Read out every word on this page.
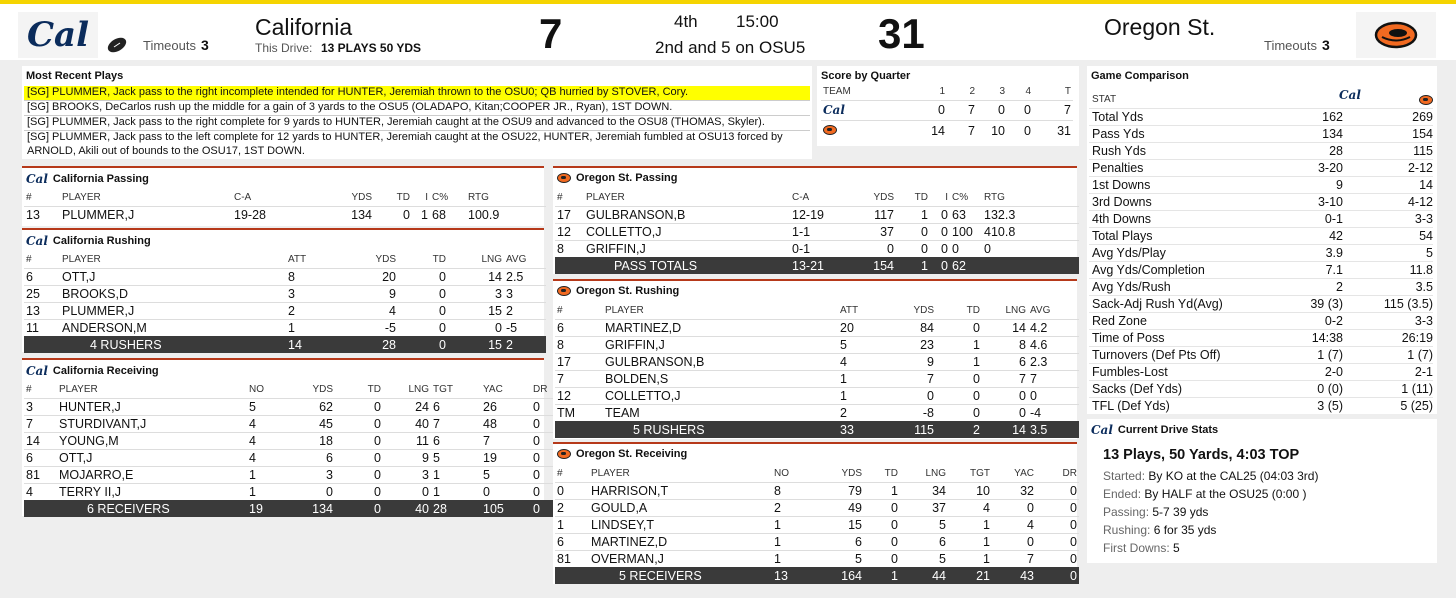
Cal	Timeouts 3
California
This Drive: 13 PLAYS 50 YDS	7	4th 15:00
2nd and 5 on OSU5 31	Oregon St.
Timeouts 3
Most Recent Plays
[SG] PLUMMER, Jack pass to the right incomplete intended for HUNTER, Jeremiah thrown to the OSU0; QB hurried by STOVER, Cory.
[SG] BROOKS, DeCarlos rush up the middle for a gain of 3 yards to the OSU5 (OLADAPO, Kitan;COOPER JR., Ryan), 1ST DOWN.
[SG] PLUMMER, Jack pass to the right complete for 9 yards to HUNTER, Jeremiah caught at the OSU9 and advanced to the OSU8 (THOMAS, Skyler).
[SG] PLUMMER, Jack pass to the left complete for 12 yards to HUNTER, Jeremiah caught at the OSU22, HUNTER, Jeremiah fumbled at OSU13 forced by ARNOLD, Akili out of bounds to the OSU17, 1ST DOWN.
Score by Quarter
TEAM	1	2	3	4	T
Cal	0	7	0	0	7
	14	7	10	0	31
Game Comparison
STAT	Cal
Total Yds	162	269
Pass Yds	134	154
Rush Yds	28	115
Penalties	3-20	2-12
1st Downs	9	14
3rd Downs	3-10	4-12
4th Downs	0-1	3-3
Total Plays	42	54
Avg Yds/Play	3.9	5
Avg Yds/Completion	7.1	11.8
Avg Yds/Rush	2	3.5
Sack-Adj Rush Yd(Avg)	39 (3)	115 (3.5)
Red Zone	0-2	3-3
Time of Poss	14:38	26:19
Turnovers (Def Pts Off)	1 (7)	1 (7)
Fumbles-Lost	2-0	2-1
Sacks (Def Yds)	0 (0)	1 (11)
TFL (Def Yds)	3 (5)	5 (25)
Cal Current Drive Stats
13 Plays, 50 Yards, 4:03 TOP
Started: By KO at the CAL25 (04:03 3rd)
Ended: By HALF at the OSU25 (0:00 )
Passing: 5-7 39 yds
Rushing: 6 for 35 yds
First Downs: 5
Cal California Passing
#	PLAYER	C-A	YDS	TD	I	C%	RTG
13	PLUMMER,J	19-28	134	0	1	68	100.9
Cal California Rushing
#	PLAYER	ATT	YDS	TD	LNG	AVG
6	OTT,J	8	20	0	14	2.5
25	BROOKS,D	3	9	0	3	3
13	PLUMMER,J	2	4	0	15	2
11	ANDERSON,M	1	-5	0	0	-5
	4 RUSHERS	14	28	0	15	2
Cal California Receiving
#	PLAYER	NO	YDS	TD	LNG	TGT	YAC	DR
3	HUNTER,J	5	62	0	24	6	26	0
7	STURDIVANT,J	4	45	0	40	7	48	0
14	YOUNG,M	4	18	0	11	6	7	0
6	OTT,J	4	6	0	9	5	19	0
81	MOJARRO,E	1	3	0	3	1	5	0
4	TERRY II,J	1	0	0	0	1	0	0
	6 RECEIVERS	19	134	0	40	28	105	0
Oregon St. Passing
#	PLAYER	C-A	YDS	TD	I	C%	RTG
17	GULBRANSON,B	12-19	117	1	0	63	132.3
12	COLLETTO,J	1-1	37	0	0	100	410.8
8	GRIFFIN,J	0-1	0	0	0	0	0
	PASS TOTALS	13-21	154	1	0	62	
Oregon St. Rushing
#	PLAYER	ATT	YDS	TD	LNG	AVG
6	MARTINEZ,D	20	84	0	14	4.2
8	GRIFFIN,J	5	23	1	8	4.6
17	GULBRANSON,B	4	9	1	6	2.3
7	BOLDEN,S	1	7	0	7	7
12	COLLETTO,J	1	0	0	0	0
TM	TEAM	2	-8	0	0	-4
	5 RUSHERS	33	115	2	14	3.5
Oregon St. Receiving
#	PLAYER	NO	YDS	TD	LNG	TGT	YAC	DR
0	HARRISON,T	8	79	1	34	10	32	0
2	GOULD,A	2	49	0	37	4	0	0
1	LINDSEY,T	1	15	0	5	1	4	0
6	MARTINEZ,D	1	6	0	6	1	0	0
81	OVERMAN,J	1	5	0	5	1	7	0
	5 RECEIVERS	13	164	1	44	21	43	0
